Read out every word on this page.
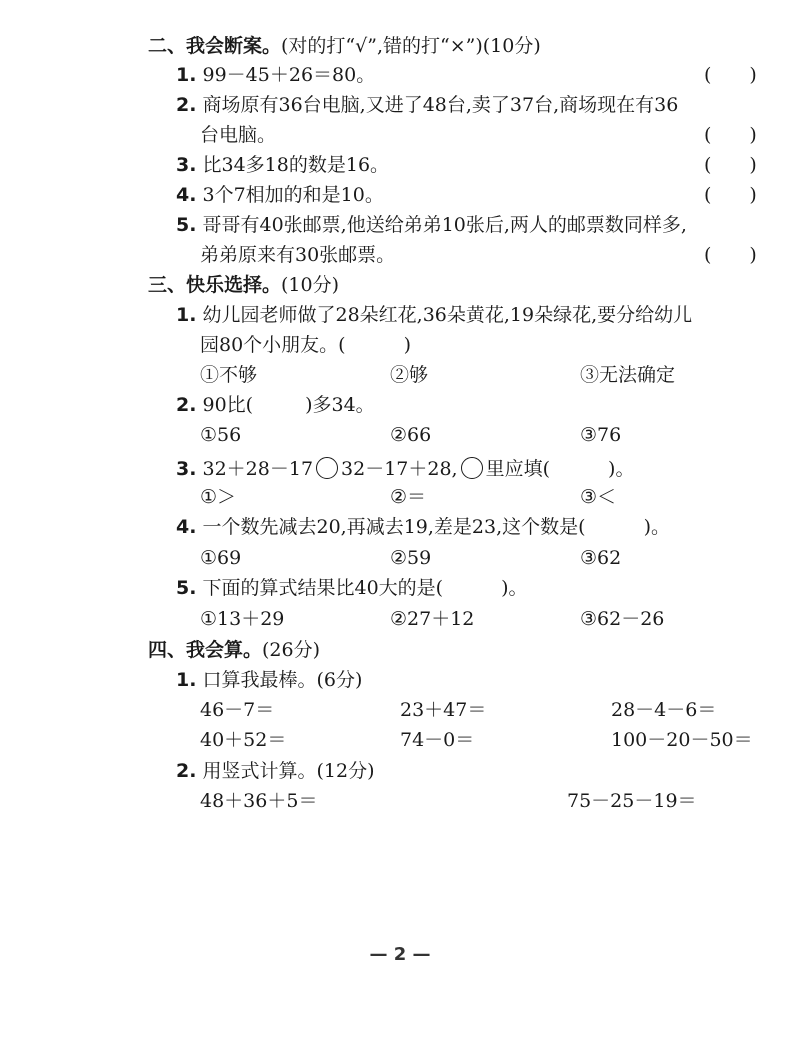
二、我会断案。(对的打“√”,错的打“×”)(10分)
1. 99－45＋26＝80。	(　　)
2. 商场原有36台电脑,又进了48台,卖了37台,商场现在有36
台电脑。	(　　)
3. 比34多18的数是16。	(　　)
4. 3个7相加的和是10。	(　　)
5. 哥哥有40张邮票,他送给弟弟10张后,两人的邮票数同样多,
弟弟原来有30张邮票。	(　　)
三、快乐选择。(10分)
1. 幼儿园老师做了28朵红花,36朵黄花,19朵绿花,要分给幼儿
园80个小朋友。(	)
①不够	②够	③无法确定
2. 90比(	)多34。
①56	②66	③76
3. 32＋28－17 32－17＋28, 里应填(	)。
①＞	②＝	③＜
4. 一个数先减去20,再减去19,差是23,这个数是(	)。
①69	②59	③62
5. 下面的算式结果比40大的是(	)。
①13＋29	②27＋12	③62－26
四、我会算。(26分)
1. 口算我最棒。(6分)
46－7＝	23＋47＝	28－4－6＝
40＋52＝	74－0＝	100－20－50＝
2. 用竖式计算。(12分)
48＋36＋5＝	75－25－19＝
— 2 —
